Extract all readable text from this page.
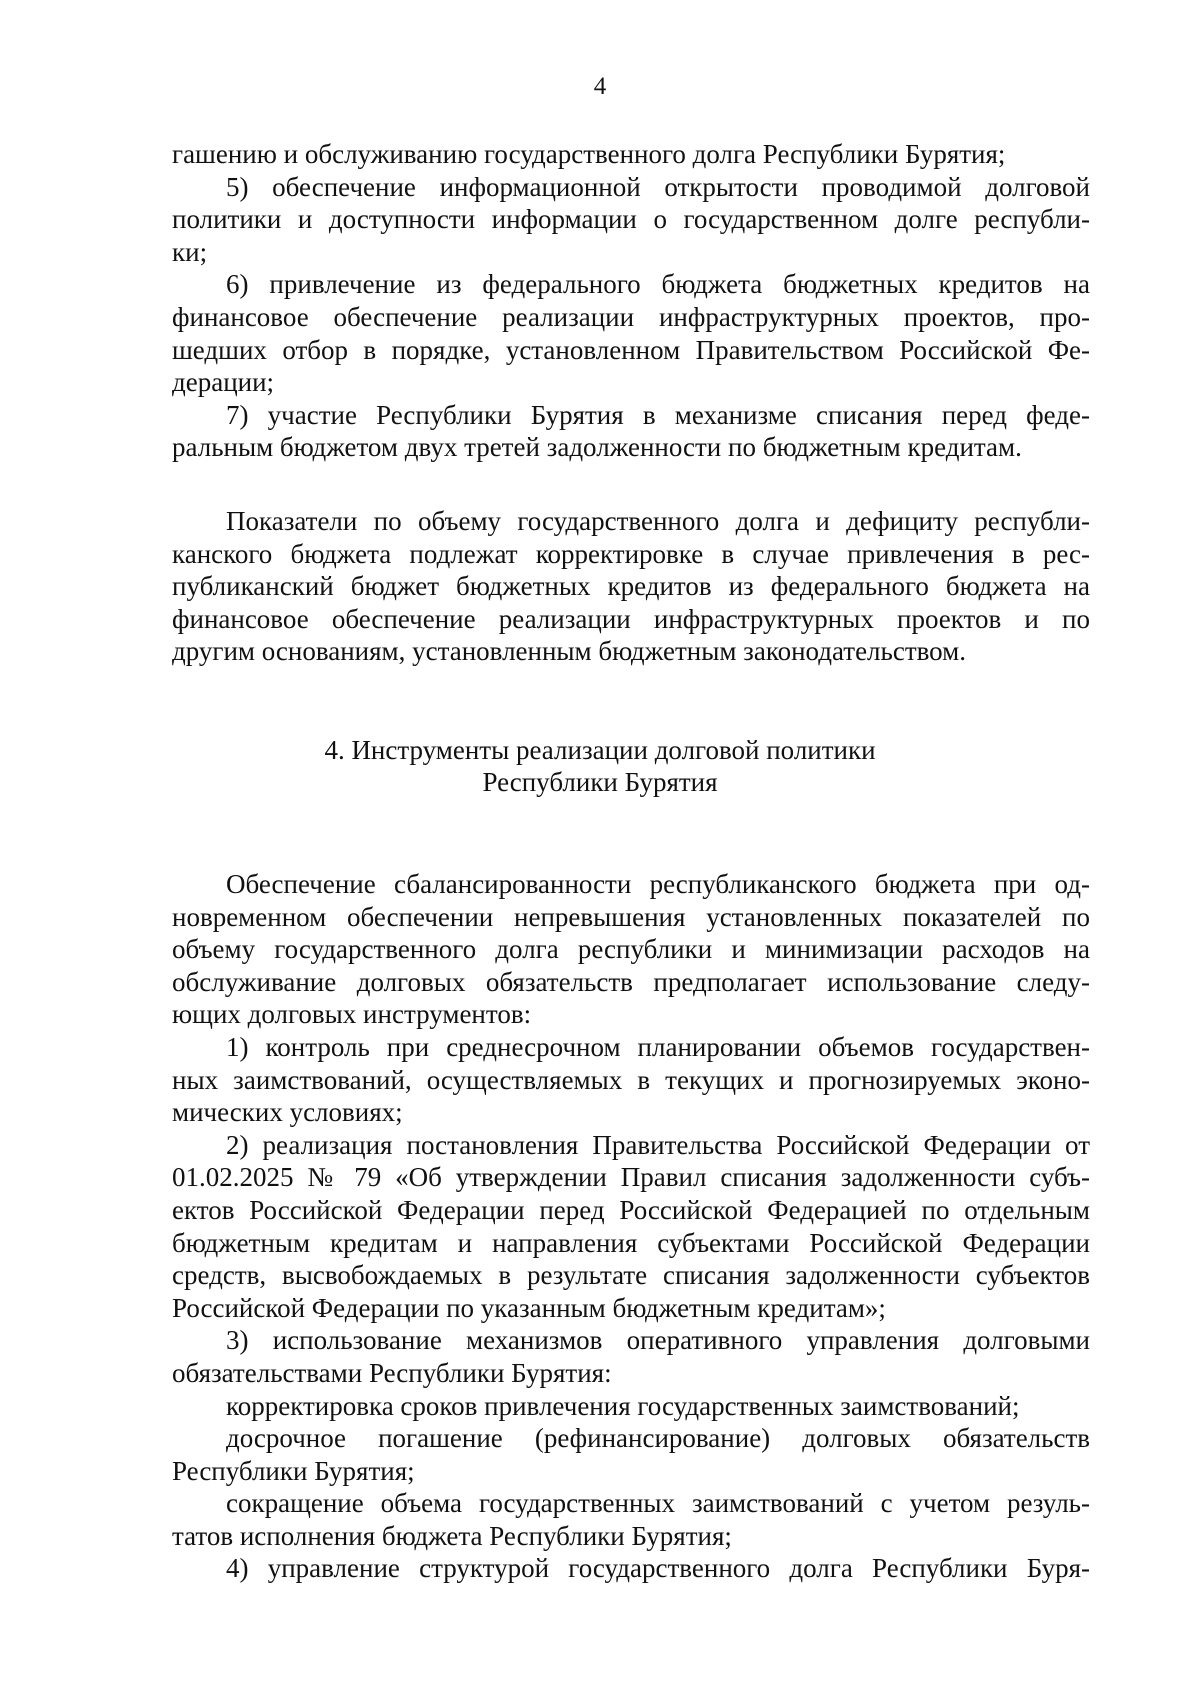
4
гашению и обслуживанию государственного долга Республики Бурятия;
5) обеспечение информационной открытости проводимой долговой
политики и доступности информации о государственном долге республи-
ки;
6) привлечение из федерального бюджета бюджетных кредитов на
финансовое обеспечение реализации инфраструктурных проектов, про-
шедших отбор в порядке, установленном Правительством Российской Фе-
дерации;
7) участие Республики Бурятия в механизме списания перед феде-
ральным бюджетом двух третей задолженности по бюджетным кредитам.
Показатели по объему государственного долга и дефициту республи-
канского бюджета подлежат корректировке в случае привлечения в рес-
публиканский бюджет бюджетных кредитов из федерального бюджета на
финансовое обеспечение реализации инфраструктурных проектов и по
другим основаниям, установленным бюджетным законодательством.
4. Инструменты реализации долговой политики
Республики Бурятия
Обеспечение сбалансированности республиканского бюджета при од-
новременном обеспечении непревышения установленных показателей по
объему государственного долга республики и минимизации расходов на
обслуживание долговых обязательств предполагает использование следу-
ющих долговых инструментов:
1) контроль при среднесрочном планировании объемов государствен-
ных заимствований, осуществляемых в текущих и прогнозируемых эконо-
мических условиях;
2) реализация постановления Правительства Российской Федерации от
01.02.2025 № 79 «Об утверждении Правил списания задолженности субъ-
ектов Российской Федерации перед Российской Федерацией по отдельным
бюджетным кредитам и направления субъектами Российской Федерации
средств, высвобождаемых в результате списания задолженности субъектов
Российской Федерации по указанным бюджетным кредитам»;
3) использование механизмов оперативного управления долговыми
обязательствами Республики Бурятия:
корректировка сроков привлечения государственных заимствований;
досрочное погашение (рефинансирование) долговых обязательств
Республики Бурятия;
сокращение объема государственных заимствований с учетом резуль-
татов исполнения бюджета Республики Бурятия;
4) управление структурой государственного долга Республики Буря-
